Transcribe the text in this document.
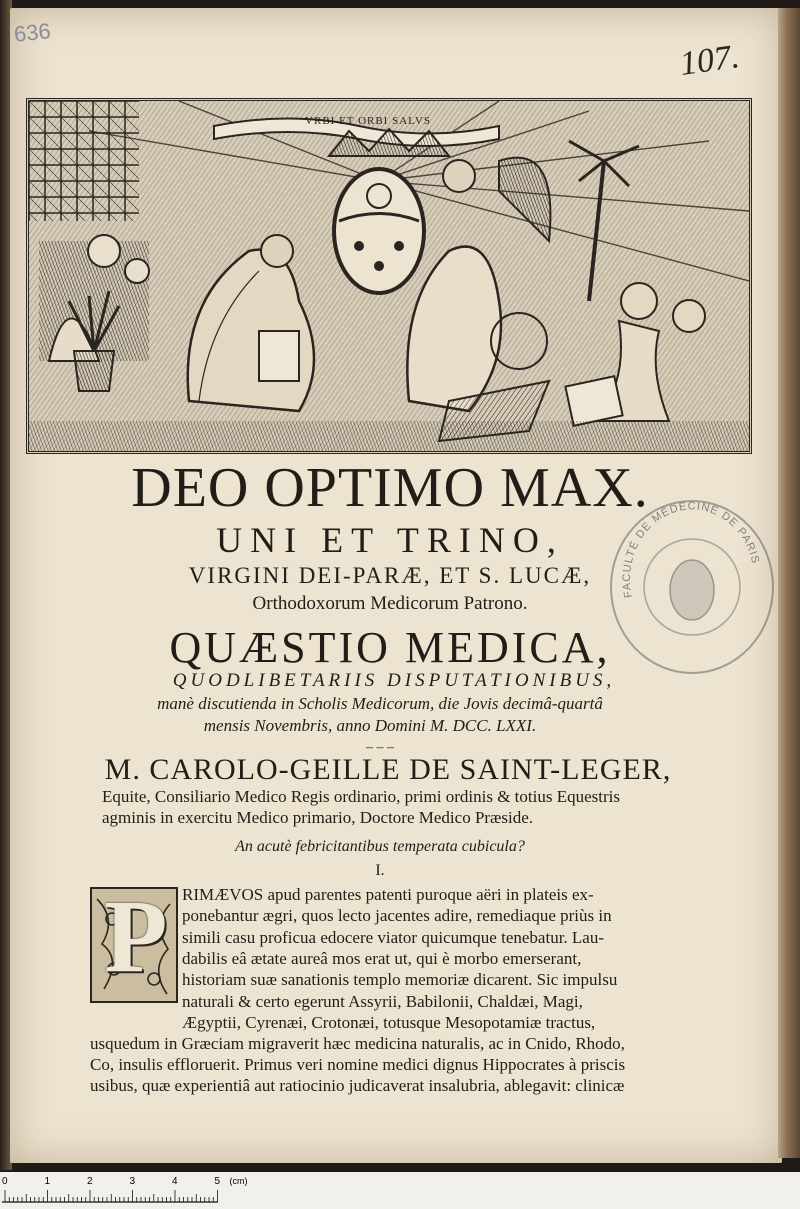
636
107.
VRBI ET ORBI SALVS
DEO OPTIMO MAX.
UNI ET TRINO,
VIRGINI DEI-PARÆ, ET S. LUCÆ,
Orthodoxorum Medicorum Patrono.
QUÆSTIO MEDICA,
QUODLIBETARIIS DISPUTATIONIBUS,
manè discutienda in Scholis Medicorum, die Jovis decimâ-quartâ
mensis Novembris, anno Domini M. DCC. LXXI.
– – –
M. CAROLO-GEILLE DE SAINT-LEGER,
Equite, Consiliario Medico Regis ordinario, primi ordinis & totius Equestris
agminis in exercitu Medico primario, Doctore Medico Præside.
An acutè febricitantibus temperata cubicula?
I.
FACULTÉ DE MÉDECINE DE PARIS
P RIMÆVOS apud parentes patenti puroque aëri in plateis ex-
ponebantur ægri, quos lecto jacentes adire, remediaque priùs in
simili casu proficua edocere viator quicumque tenebatur. Lau-
dabilis eâ ætate aureâ mos erat ut, qui è morbo emerserant,
historiam suæ sanationis templo memoriæ dicarent. Sic impulsu
naturali & certo egerunt Assyrii, Babilonii, Chaldæi, Magi,
Ægyptii, Cyrenæi, Crotonæi, totusque Mesopotamiæ tractus,
usquedum in Græciam migraverit hæc medicina naturalis, ac in Cnido, Rhodo,
Co, insulis effloruerit. Primus veri nomine medici dignus Hippocrates à priscis
usibus, quæ experientiâ aut ratiocinio judicaverat insalubria, ablegavit: clinicæ
0	1	2	3	4	5 (cm)
